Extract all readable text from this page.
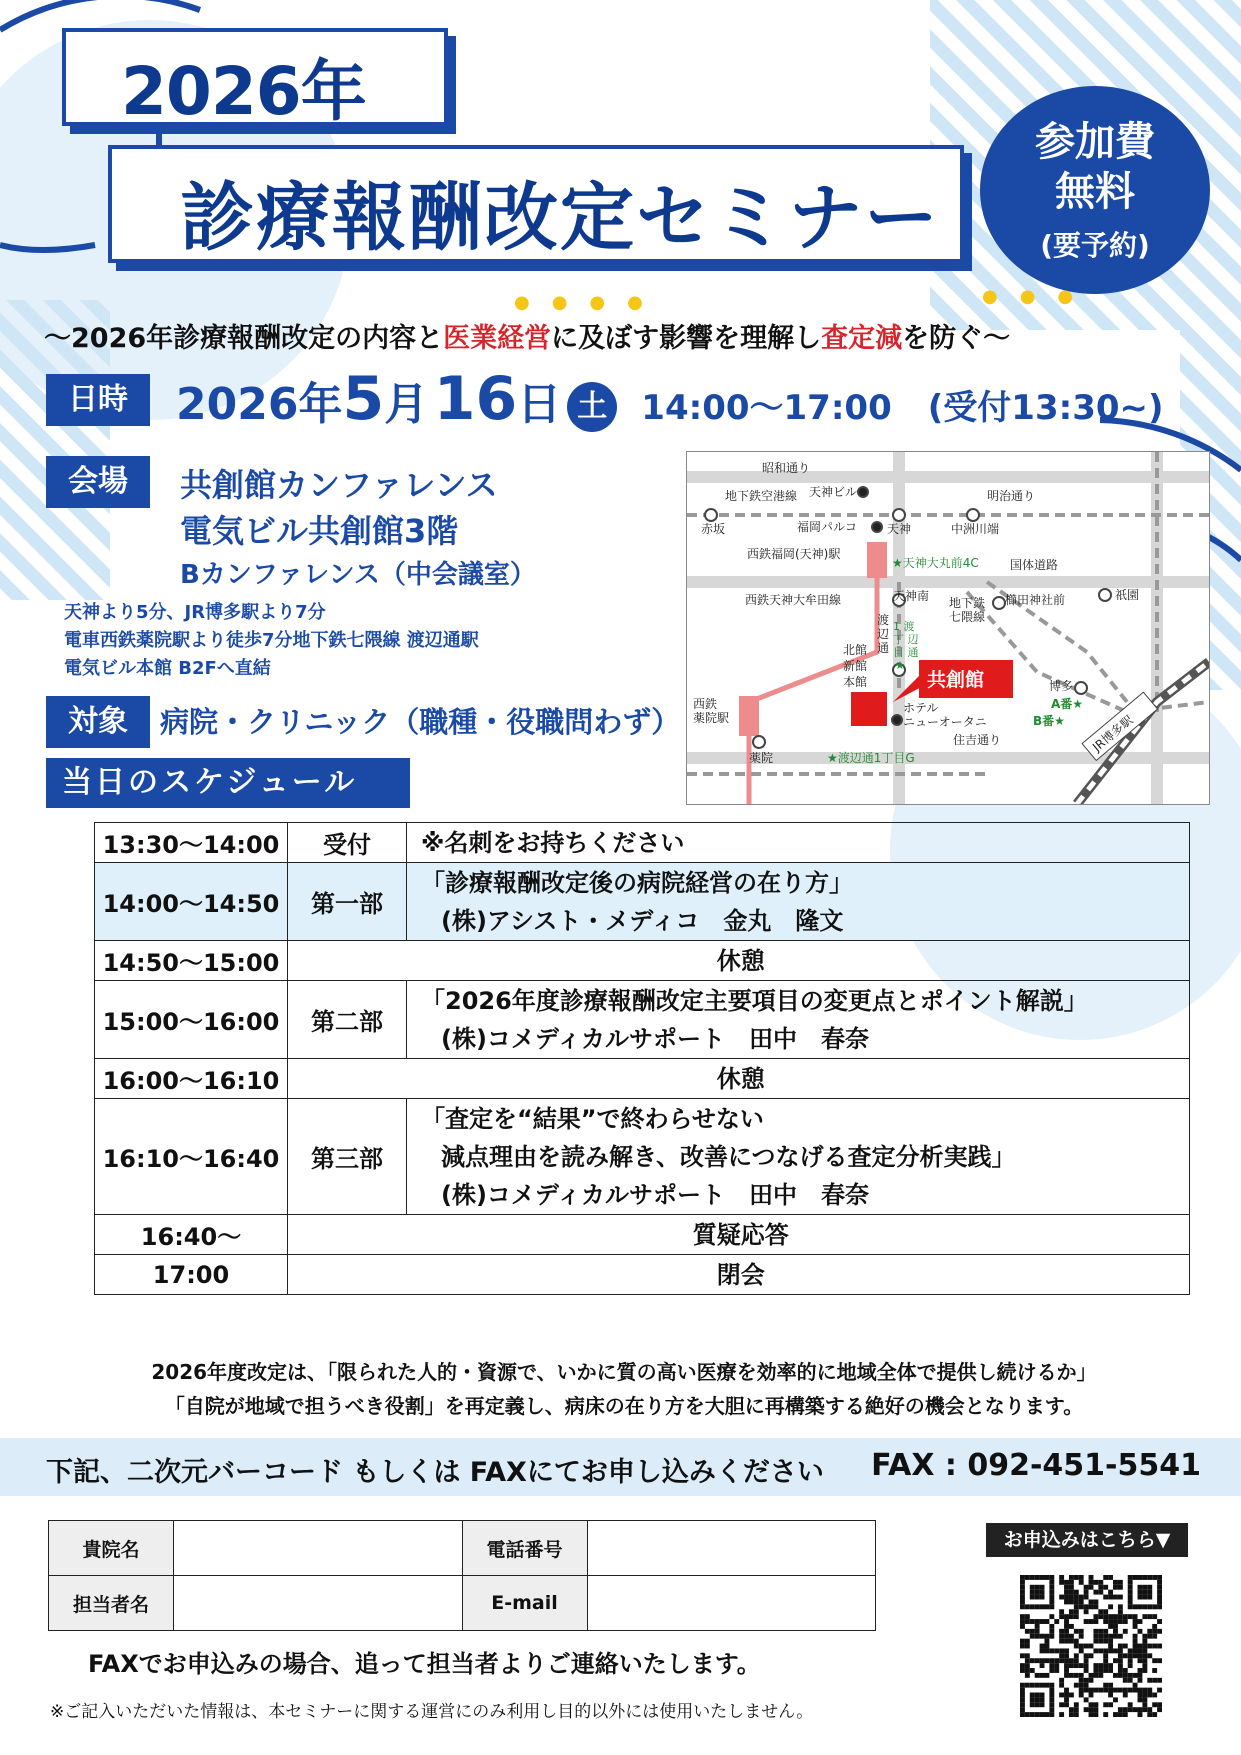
2026年
診療報酬改定セミナー
参加費
無料
(要予約)
●●●●	●●●
〜2026年診療報酬改定の内容と医業経営に及ぼす影響を理解し査定減を防ぐ〜
日時	2026年5月 16日 土 14:00〜17:00 (受付13:30~)
会場	共創館カンファレンス
電気ビル共創館3階
Bカンファレンス（中会議室）
天神より5分、JR博多駅より7分
電車西鉄薬院駅より徒歩7分地下鉄七隈線 渡辺通駅
電気ビル本館 B2Fへ直結
対象	病院・クリニック（職種・役職問わず）
当日のスケジュール
昭和通り
地下鉄空港線 天神ビル	明治通り
赤坂	福岡パルコ 天神	中洲川端
西鉄福岡(天神)駅
★天神大丸前4C	国体道路
西鉄天神大牟田線	天神南 地下鉄
七隈線
櫛田神社前	祇園
渡
辺
通
1 渡
丁 辺
目 通
★
北館
新館
本館	共創館	博多
A番★
B番★
西鉄
薬院駅
ホテル
ニューオータニ
住吉通り
薬院	★渡辺通1丁目G
JR博多駅
13:30〜14:00	受付	※名刺をお持ちください

14:00〜14:50	第一部	「診療報酬改定後の病院経営の在り方」
(株)アシスト・メディコ　金丸　隆文

14:50〜15:00		休憩

15:00〜16:00	第二部	「2026年度診療報酬改定主要項目の変更点とポイント解説」
(株)コメディカルサポート　田中　春奈

16:00〜16:10		休憩

16:10〜16:40	第三部	「査定を“結果”で終わらせない
減点理由を読み解き、改善につなげる査定分析実践」
(株)コメディカルサポート　田中　春奈

16:40〜		質疑応答

17:00		閉会
2026年度改定は、「限られた人的・資源で、いかに質の高い医療を効率的に地域全体で提供し続けるか」
「自院が地域で担うべき役割」を再定義し、病床の在り方を大胆に再構築する絶好の機会となります。
下記、二次元バーコード もしくは FAXにてお申し込みください FAX : 092-451-5541
貴院名		電話番号	
担当者名		E-mail	
お申込みはこちら▼
FAXでお申込みの場合、追って担当者よりご連絡いたします。
※ご記入いただいた情報は、本セミナーに関する運営にのみ利用し目的以外には使用いたしません。
